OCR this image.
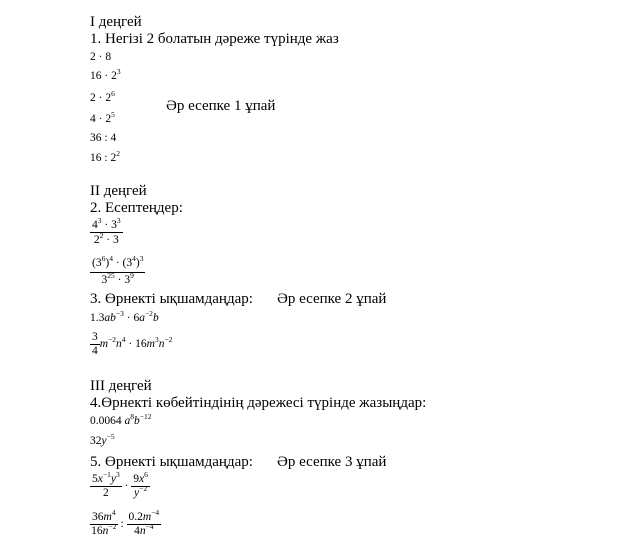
I деңгей
1. Негізі 2 болатын дәреже түрінде жаз
2 · 8
$16 \cdot 2^3$
$2 \cdot 2^6$
$4 \cdot 2^5$
36 : 4
16 : $2^2$
Әр есепке 1 ұпай
II деңгей
2. Есептеңдер:
$\frac{4^3 \cdot 3^3}{2^2 \cdot 3}$
$\frac{(3^6)^4 \cdot (3^4)^3}{3^{25} \cdot 3^9}$
3. Өрнекті ықшамдаңдар: Әр есепке 2 ұпай
$1.3ab^{-3} \cdot 6a^{-2}b$
$\frac{3}{4} m^{-2}n^4 \cdot 16m^3n^{-2}$
III деңгей
4.Өрнекті көбейтіндінің дәрежесі түрінде жазыңдар:
0.0064 $a^8b^{-12}$
$32y^{-5}$
5. Өрнекті ықшамдаңдар: Әр есепке 3 ұпай
$\frac{5x^{-1}y^3}{2} \cdot \frac{9x^6}{y^{-2}}$
$\frac{36m^4}{16n^{-2}}$ : $\frac{0.2m^{-4}}{4n^{-4}}$
